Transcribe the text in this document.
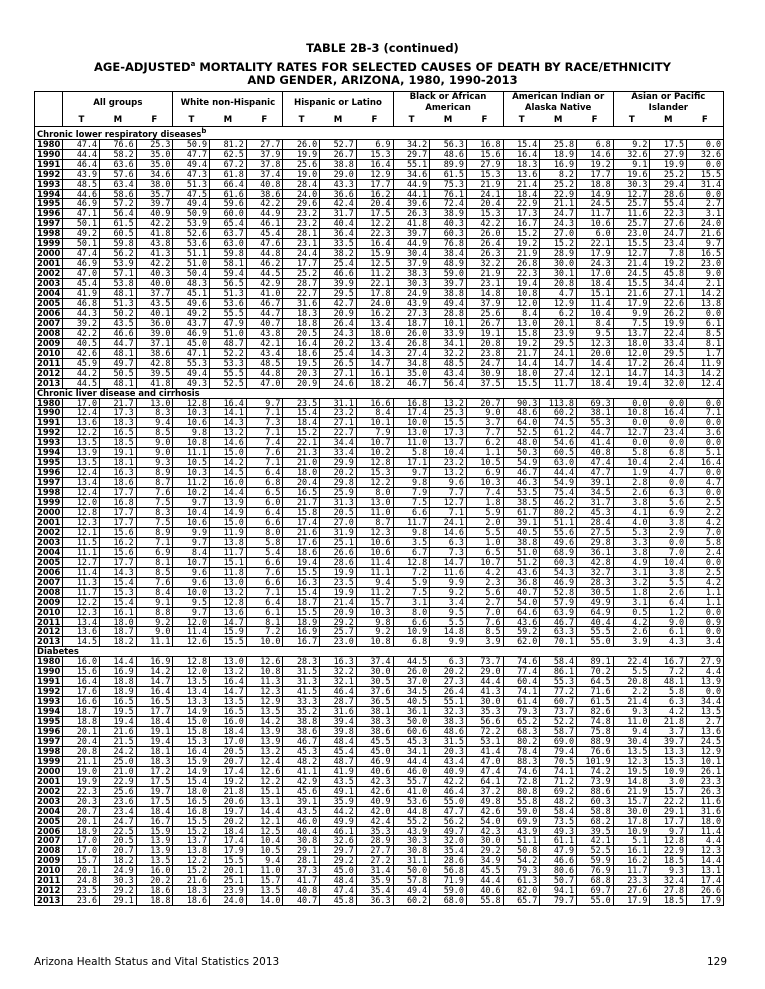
TABLE 2B-3 (continued)
AGE-ADJUSTED$^a$ MORTALITY RATES FOR SELECTED CAUSES OF DEATH BY RACE/ETHNICITY
AND GENDER, ARIZONA, 1980, 1990-2013
	All groups			White non-Hispanic			Hispanic or Latino			Black or African American			American Indian or Alaska Native			Asian or Pacific Islander		
	T	M	F	T	M	F	T	M	F	T	M	F	T	M	F	T	M	F
Chronic lower respiratory diseases$^b$
1980	47.4	76.6	25.3	50.9	81.2	27.7	26.0	52.7	6.9	34.2	56.3	16.8	15.4	25.8	6.8	9.2	17.5	0.0
1990	44.4	58.2	35.0	47.7	62.5	37.9	19.9	26.7	15.3	29.7	48.6	15.6	16.4	18.9	14.6	32.6	27.9	32.6
1991	46.4	63.6	35.0	49.4	67.2	37.8	25.6	38.8	16.4	55.1	89.9	27.9	18.3	16.9	19.2	9.1	19.9	0.0
1992	43.9	57.6	34.6	47.3	61.8	37.4	19.0	29.0	12.9	34.6	61.5	15.3	13.6	8.2	17.7	19.6	25.2	15.5
1993	48.5	63.4	38.0	51.3	66.4	40.8	28.4	43.3	17.7	44.9	75.3	21.9	21.4	25.2	18.8	30.3	29.4	31.4
1994	44.6	58.6	35.7	47.5	61.6	38.6	24.0	36.6	16.2	44.1	76.1	24.1	18.4	22.9	14.9	12.7	28.6	0.0
1995	46.9	57.2	39.7	49.4	59.6	42.2	29.6	42.4	20.4	39.6	72.4	20.4	22.9	21.1	24.5	25.7	55.4	2.7
1996	47.1	56.4	40.9	50.9	60.0	44.9	23.2	31.7	17.5	26.3	38.9	15.3	17.3	24.7	11.7	11.6	22.3	3.1
1997	50.1	61.5	42.2	53.9	65.4	46.1	23.2	40.4	12.2	41.8	40.3	42.2	16.7	24.3	10.6	25.7	27.6	24.0
1998	49.2	60.5	41.8	52.6	63.7	45.4	28.1	36.4	22.3	39.7	60.3	26.0	15.2	27.0	6.0	23.0	24.7	21.6
1999	50.1	59.8	43.8	53.6	63.0	47.6	23.1	33.5	16.4	44.9	76.8	26.4	19.2	15.2	22.1	15.5	23.4	9.7
2000	47.4	56.2	41.3	51.1	59.8	44.8	24.4	38.2	15.9	30.4	38.4	26.3	21.9	28.9	17.9	12.7	7.8	16.5
2001	46.9	53.9	42.2	51.0	58.1	46.2	17.7	25.4	12.5	37.9	48.9	32.2	26.8	30.0	24.3	21.4	19.2	23.0
2002	47.0	57.1	40.3	50.4	59.4	44.5	25.2	46.6	11.2	38.3	59.0	21.9	22.3	30.1	17.0	24.5	45.8	9.0
2003	45.4	53.8	40.0	48.3	56.5	42.9	28.7	39.9	22.1	30.3	39.7	23.1	19.4	20.8	18.4	15.5	34.4	2.1
2004	41.9	48.1	37.7	45.1	51.3	41.0	22.7	29.5	17.8	24.9	38.8	14.8	10.8	4.7	15.1	21.6	27.1	14.2
2005	46.8	51.3	43.5	49.6	53.6	46.7	31.6	42.7	24.0	43.9	49.4	37.9	12.0	12.9	11.4	17.9	22.6	13.8
2006	44.3	50.2	40.1	49.2	55.5	44.7	18.3	20.9	16.2	27.3	28.8	25.6	8.4	6.2	10.4	9.9	26.2	0.0
2007	39.2	43.5	36.0	43.7	47.9	40.7	18.8	26.4	13.4	18.7	10.1	26.7	13.0	20.1	8.4	7.5	19.9	6.1
2008	42.2	46.6	39.0	46.9	51.0	43.8	20.5	24.3	18.0	26.0	33.9	19.1	15.8	23.9	9.5	13.7	22.4	8.5
2009	40.5	44.7	37.1	45.0	48.7	42.1	16.4	20.2	13.4	26.8	34.1	20.8	19.2	29.5	12.3	18.0	33.4	8.1
2010	42.6	48.1	38.6	47.1	52.2	43.4	18.6	25.4	14.3	27.4	32.2	23.8	21.7	24.1	20.0	12.0	29.5	1.7
2011	45.9	49.7	42.8	55.3	53.3	48.5	19.5	26.5	14.7	34.8	48.5	24.7	14.4	14.7	14.4	17.2	26.4	11.9
2012	44.2	50.5	39.5	49.4	55.5	44.8	20.3	27.1	16.1	35.0	43.4	30.9	18.0	27.4	12.1	14.7	14.3	14.2
2013	44.5	48.1	41.8	49.3	52.5	47.0	20.9	24.6	18.2	46.7	56.4	37.5	15.5	11.7	18.4	19.4	32.0	12.4
Chronic liver disease and cirrhosis																		
1980	17.0	21.7	13.0	12.8	16.4	9.7	23.5	31.1	16.6	16.8	13.2	20.7	90.3	113.8	69.3	0.0	0.0	0.0
1990	12.4	17.3	8.3	10.3	14.1	7.1	15.4	23.2	8.4	17.4	25.3	9.0	48.6	60.2	38.1	10.8	16.4	7.1
1991	13.6	18.3	9.4	10.6	14.3	7.3	18.4	27.1	10.1	10.0	15.5	3.7	64.0	74.5	55.3	0.0	0.0	0.0
1992	12.2	16.5	8.5	9.8	13.2	7.1	15.2	22.7	7.9	13.0	17.3	7.7	52.5	61.2	44.7	12.7	23.4	3.6
1993	13.5	18.5	9.0	10.8	14.6	7.4	22.1	34.4	10.7	11.0	13.7	6.2	48.0	54.6	41.4	0.0	0.0	0.0
1994	13.9	19.1	9.0	11.1	15.0	7.6	21.3	33.4	10.2	5.8	10.4	1.1	50.3	60.5	40.8	5.8	6.8	5.1
1995	13.5	18.1	9.3	10.5	14.2	7.1	21.0	29.9	12.8	17.1	23.2	10.5	54.9	63.0	47.4	10.4	2.4	16.4
1996	12.4	16.3	8.9	10.3	14.5	6.4	18.0	20.2	15.3	9.7	13.2	6.9	46.7	44.4	47.7	1.9	4.7	0.0
1997	13.4	18.6	8.7	11.2	16.0	6.8	20.4	29.8	12.2	9.8	9.6	10.3	46.3	54.9	39.1	2.8	0.0	4.7
1998	12.4	17.7	7.6	10.2	14.4	6.5	16.5	25.9	8.0	7.9	7.7	7.4	53.5	75.4	34.5	2.6	6.3	0.0
1999	12.0	16.8	7.5	9.7	13.9	6.0	21.7	31.3	13.0	7.5	12.7	1.8	38.5	46.2	31.7	3.8	5.6	2.5
2000	12.8	17.7	8.3	10.4	14.9	6.4	15.8	20.5	11.0	6.6	7.1	5.9	61.7	80.2	45.3	4.1	6.9	2.2
2001	12.3	17.7	7.5	10.6	15.0	6.6	17.4	27.0	8.7	11.7	24.1	2.0	39.1	51.1	28.4	4.0	3.8	4.2
2002	12.1	15.6	8.9	9.9	11.9	8.0	21.6	31.9	12.3	9.8	14.6	5.5	40.5	55.6	27.5	5.3	2.9	7.0
2003	11.5	16.2	7.1	9.7	13.8	5.8	17.6	25.1	10.6	3.5	6.3	1.0	38.8	49.6	29.8	3.3	0.0	5.8
2004	11.1	15.6	6.9	8.4	11.7	5.4	18.6	26.6	10.6	6.7	7.3	6.5	51.0	68.9	36.1	3.8	7.0	2.4
2005	12.7	17.7	8.1	10.7	15.1	6.6	19.4	28.6	11.4	12.8	14.7	10.7	51.2	60.3	42.8	4.9	10.4	0.0
2006	11.4	14.3	8.5	9.6	11.8	7.6	15.5	19.9	11.1	7.2	11.6	4.2	43.6	54.3	32.7	3.1	3.8	2.5
2007	11.3	15.4	7.6	9.6	13.0	6.6	16.3	23.5	9.4	5.9	9.9	2.3	36.8	46.9	28.3	3.2	5.5	4.2
2008	11.7	15.3	8.4	10.0	13.2	7.1	15.4	19.9	11.2	7.5	9.2	5.6	40.7	52.8	30.5	1.8	2.6	1.1
2009	12.2	15.4	9.1	9.5	12.8	6.4	18.7	21.4	15.7	3.1	3.4	2.7	54.0	57.9	49.9	3.1	6.4	1.1
2010	12.3	16.1	8.8	9.7	13.6	6.1	15.5	20.9	10.3	8.0	9.5	7.0	64.6	63.9	64.9	0.5	1.2	0.0
2011	13.4	18.0	9.2	12.0	14.7	8.1	18.9	29.2	9.8	6.6	5.5	7.6	43.6	46.7	40.4	4.2	9.0	0.9
2012	13.6	18.7	9.0	11.4	15.9	7.2	16.9	25.7	9.2	10.9	14.8	8.5	59.2	63.3	55.5	2.6	6.1	0.0
2013	14.5	18.2	11.1	12.6	15.5	10.0	16.7	23.0	10.8	6.8	9.9	3.9	62.0	70.1	55.0	3.9	4.3	3.4
Diabetes																		
1980	16.0	14.4	16.9	12.8	13.0	12.6	28.3	16.3	37.4	44.5	6.3	73.7	74.6	58.4	89.1	22.4	16.7	27.9
1990	15.6	16.9	14.2	12.0	13.2	10.8	31.5	32.2	30.0	26.0	20.2	29.0	77.4	86.1	70.2	5.5	7.2	4.4
1991	16.4	18.8	14.7	13.5	16.4	11.3	31.3	32.1	30.5	37.0	27.3	44.4	60.4	55.3	64.5	20.8	48.1	13.9
1992	17.6	18.9	16.4	13.4	14.7	12.3	41.5	46.4	37.6	34.5	26.4	41.3	74.1	77.2	71.6	2.2	5.8	0.0
1993	16.6	16.5	16.5	13.3	13.5	12.9	33.3	28.7	36.5	40.5	55.1	30.0	61.4	60.7	61.5	21.4	6.3	34.4
1994	18.7	19.5	17.7	14.9	16.5	13.5	35.2	31.6	38.1	36.1	32.3	35.3	79.3	73.7	82.6	9.3	4.2	13.5
1995	18.8	19.4	18.4	15.0	16.0	14.2	38.8	39.4	38.3	50.0	38.3	56.6	65.2	52.2	74.8	11.0	21.8	2.7
1996	20.1	21.6	19.1	15.8	18.4	13.9	38.6	39.8	38.6	60.6	48.6	72.2	68.3	58.7	75.8	9.4	3.7	13.6
1997	20.4	21.5	19.4	15.3	17.0	13.9	46.7	48.4	45.5	45.3	31.5	53.1	80.2	69.0	88.9	30.4	39.7	24.5
1998	20.8	24.2	18.1	16.4	20.5	13.2	45.3	45.4	45.0	34.1	20.3	41.4	78.4	79.4	76.6	13.5	13.3	12.9
1999	21.1	25.0	18.3	15.9	20.7	12.4	48.2	48.7	46.9	44.4	43.4	47.0	88.3	70.5	101.9	12.3	15.3	10.1
2000	19.0	21.0	17.2	14.9	17.4	12.6	41.1	41.9	40.6	46.0	40.9	47.4	74.6	74.1	74.2	19.5	10.9	26.1
2001	19.9	22.9	17.5	15.4	19.2	12.2	42.9	43.5	42.3	55.7	42.2	64.1	72.8	71.2	73.9	14.8	3.0	23.3
2002	22.3	25.6	19.7	18.0	21.8	15.1	45.6	49.1	42.6	41.0	46.4	37.2	80.8	69.2	88.6	21.9	15.7	26.3
2003	20.3	23.6	17.5	16.5	20.6	13.1	39.1	35.9	40.9	53.6	55.0	49.8	55.8	48.2	60.3	15.7	22.2	11.6
2004	20.7	23.4	18.4	16.8	19.7	14.4	43.5	44.2	42.0	44.8	47.7	42.6	59.0	58.4	58.8	30.0	29.1	31.6
2005	20.1	24.7	16.7	15.5	20.2	12.1	46.0	49.9	42.4	55.2	56.2	54.0	69.9	73.5	68.2	17.8	17.7	18.0
2006	18.9	22.5	15.9	15.2	18.4	12.5	40.4	46.1	35.3	43.9	49.7	42.3	43.9	49.3	39.5	10.9	9.7	11.4
2007	17.0	20.5	13.9	13.7	17.4	10.4	30.8	32.6	28.9	30.3	32.0	30.0	51.1	61.1	42.1	5.1	12.8	4.4
2008	17.0	20.7	13.9	13.8	17.9	10.5	29.1	29.7	27.7	30.8	35.4	29.2	50.8	47.9	52.5	16.1	22.9	12.3
2009	15.7	18.2	13.5	12.2	15.5	9.4	28.1	29.2	27.2	31.1	28.6	34.9	54.2	46.6	59.9	16.2	18.5	14.4
2010	20.1	24.9	16.0	15.2	20.1	11.0	37.3	45.0	31.4	50.0	56.8	45.5	79.3	80.6	76.9	11.7	9.3	13.1
2011	24.8	30.3	20.2	21.6	25.1	15.7	41.7	48.4	35.9	57.8	71.9	44.4	61.3	50.7	68.8	23.3	32.4	17.4
2012	23.5	29.2	18.6	18.3	23.9	13.5	40.8	47.4	35.4	49.4	59.0	40.6	82.0	94.1	69.7	27.6	27.8	26.6
2013	23.6	29.1	18.8	18.6	24.0	14.0	40.7	45.8	36.3	60.2	68.0	55.8	65.7	79.7	55.0	17.9	18.5	17.9
Arizona Health Status and Vital Statistics 2013	129
